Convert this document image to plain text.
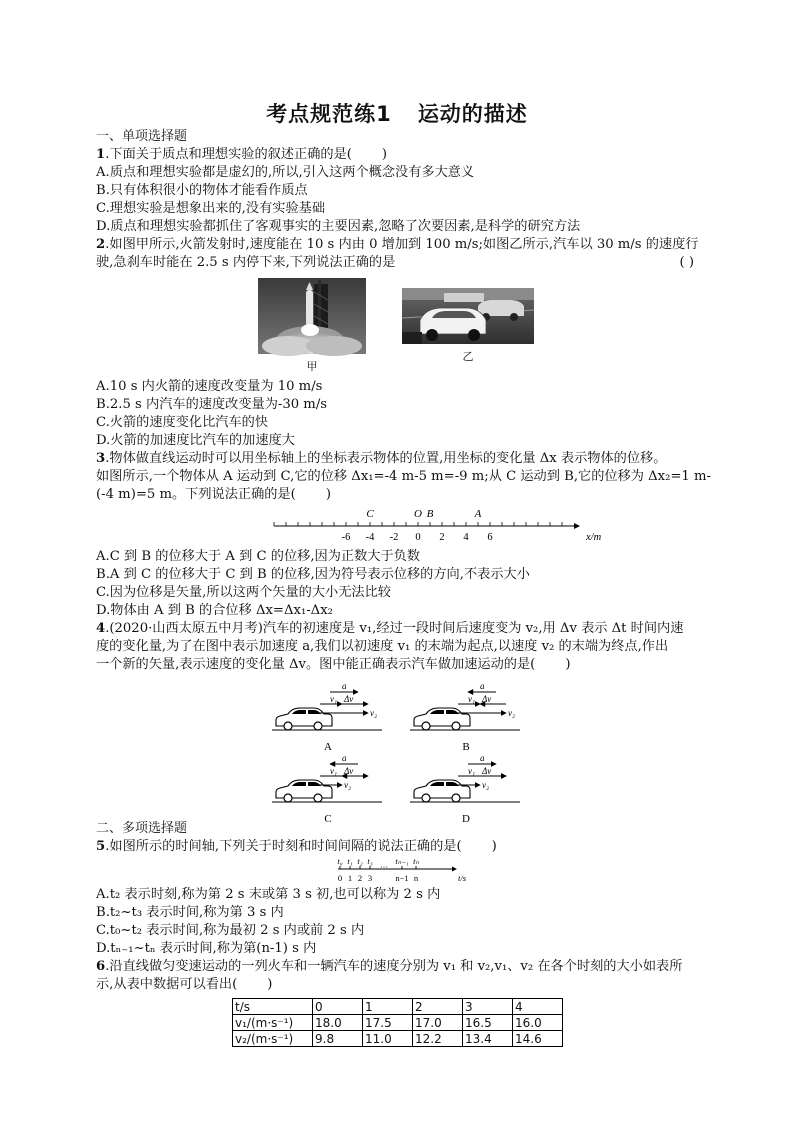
考点规范练1 运动的描述
一、单项选择题
1.下面关于质点和理想实验的叙述正确的是( )
A.质点和理想实验都是虚幻的,所以,引入这两个概念没有多大意义
B.只有体积很小的物体才能看作质点
C.理想实验是想象出来的,没有实验基础
D.质点和理想实验都抓住了客观事实的主要因素,忽略了次要因素,是科学的研究方法
2.如图甲所示,火箭发射时,速度能在 10 s 内由 0 增加到 100 m/s;如图乙所示,汽车以 30 m/s 的速度行
驶,急刹车时能在 2.5 s 内停下来,下列说法正确的是	( )
甲
乙
A.10 s 内火箭的速度改变量为 10 m/s
B.2.5 s 内汽车的速度改变量为-30 m/s
C.火箭的速度变化比汽车的快
D.火箭的加速度比汽车的加速度大
3.物体做直线运动时可以用坐标轴上的坐标表示物体的位置,用坐标的变化量 Δx 表示物体的位移。
如图所示,一个物体从 A 运动到 C,它的位移 Δx₁=-4 m-5 m=-9 m;从 C 运动到 B,它的位移为 Δx₂=1 m-
(-4 m)=5 m。下列说法正确的是( )
C	O B	A
-6 -4 -2 0 2 4 6	x/m
A.C 到 B 的位移大于 A 到 C 的位移,因为正数大于负数
B.A 到 C 的位移大于 C 到 B 的位移,因为符号表示位移的方向,不表示大小
C.因为位移是矢量,所以这两个矢量的大小无法比较
D.物体由 A 到 B 的合位移 Δx=Δx₁-Δx₂
4.(2020·山西太原五中月考)汽车的初速度是 v₁,经过一段时间后速度变为 v₂,用 Δv 表示 Δt 时间内速
度的变化量,为了在图中表示加速度 a,我们以初速度 v₁ 的末端为起点,以速度 v₂ 的末端为终点,作出
一个新的矢量,表示速度的变化量 Δv。图中能正确表示汽车做加速运动的是( )
a
v₁ Δv
v₂
A
a
v₁ Δv
v₂
B
a
v₁ Δv
v₂
C
a
v₁ Δv
v₂
D
二、多项选择题
5.如图所示的时间轴,下列关于时刻和时间间隔的说法正确的是( )
t₀ t₁ t₂ t₃	tₙ₋₁ tₙ
0 1 2 3	n−1 n
···
t/s
A.t₂ 表示时刻,称为第 2 s 末或第 3 s 初,也可以称为 2 s 内
B.t₂~t₃ 表示时间,称为第 3 s 内
C.t₀~t₂ 表示时间,称为最初 2 s 内或前 2 s 内
D.tₙ₋₁~tₙ 表示时间,称为第(n-1) s 内
6.沿直线做匀变速运动的一列火车和一辆汽车的速度分别为 v₁ 和 v₂,v₁、v₂ 在各个时刻的大小如表所
示,从表中数据可以看出( )
t/s	0	1	2	3	4
v₁/(m·s⁻¹)	18.0	17.5	17.0	16.5	16.0
v₂/(m·s⁻¹)	9.8	11.0	12.2	13.4	14.6
